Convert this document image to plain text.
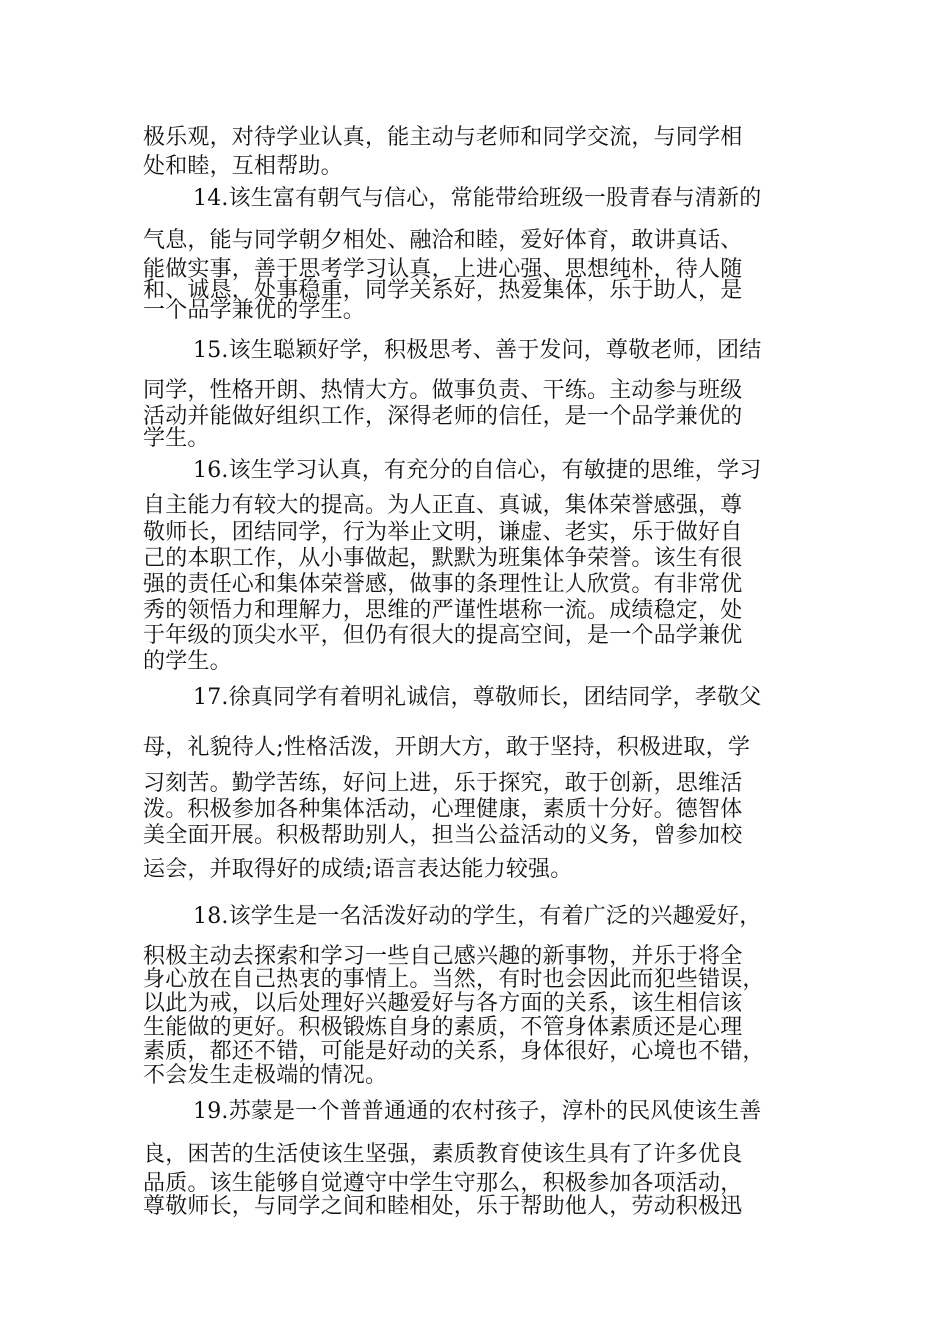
极乐观，对待学业认真，能主动与老师和同学交流，与同学相

处和睦，互相帮助。

14.该生富有朝气与信心，常能带给班级一股青春与清新的

气息，能与同学朝夕相处、融洽和睦，爱好体育，敢讲真话、

能做实事，善于思考学习认真，上进心强、思想纯朴，待人随

和、诚恳，处事稳重，同学关系好，热爱集体，乐于助人，是

一个品学兼优的学生。

15.该生聪颖好学，积极思考、善于发问，尊敬老师，团结

同学，性格开朗、热情大方。做事负责、干练。主动参与班级

活动并能做好组织工作，深得老师的信任，是一个品学兼优的

学生。

16.该生学习认真，有充分的自信心，有敏捷的思维，学习

自主能力有较大的提高。为人正直、真诚，集体荣誉感强，尊

敬师长，团结同学，行为举止文明，谦虚、老实，乐于做好自

己的本职工作，从小事做起，默默为班集体争荣誉。该生有很

强的责任心和集体荣誉感，做事的条理性让人欣赏。有非常优

秀的领悟力和理解力，思维的严谨性堪称一流。成绩稳定，处

于年级的顶尖水平，但仍有很大的提高空间，是一个品学兼优

的学生。

17.徐真同学有着明礼诚信，尊敬师长，团结同学，孝敬父

母，礼貌待人;性格活泼，开朗大方，敢于坚持，积极进取，学

习刻苦。勤学苦练，好问上进，乐于探究，敢于创新，思维活

泼。积极参加各种集体活动，心理健康，素质十分好。德智体

美全面开展。积极帮助别人，担当公益活动的义务，曾参加校

运会，并取得好的成绩;语言表达能力较强。

18.该学生是一名活泼好动的学生，有着广泛的兴趣爱好，

积极主动去探索和学习一些自己感兴趣的新事物，并乐于将全

身心放在自己热衷的事情上。当然，有时也会因此而犯些错误，

以此为戒，以后处理好兴趣爱好与各方面的关系，该生相信该

生能做的更好。积极锻炼自身的素质，不管身体素质还是心理

素质，都还不错，可能是好动的关系，身体很好，心境也不错，

不会发生走极端的情况。

19.苏蒙是一个普普通通的农村孩子，淳朴的民风使该生善

良，困苦的生活使该生坚强，素质教育使该生具有了许多优良

品质。该生能够自觉遵守中学生守那么，积极参加各项活动，

尊敬师长，与同学之间和睦相处，乐于帮助他人，劳动积极迅
